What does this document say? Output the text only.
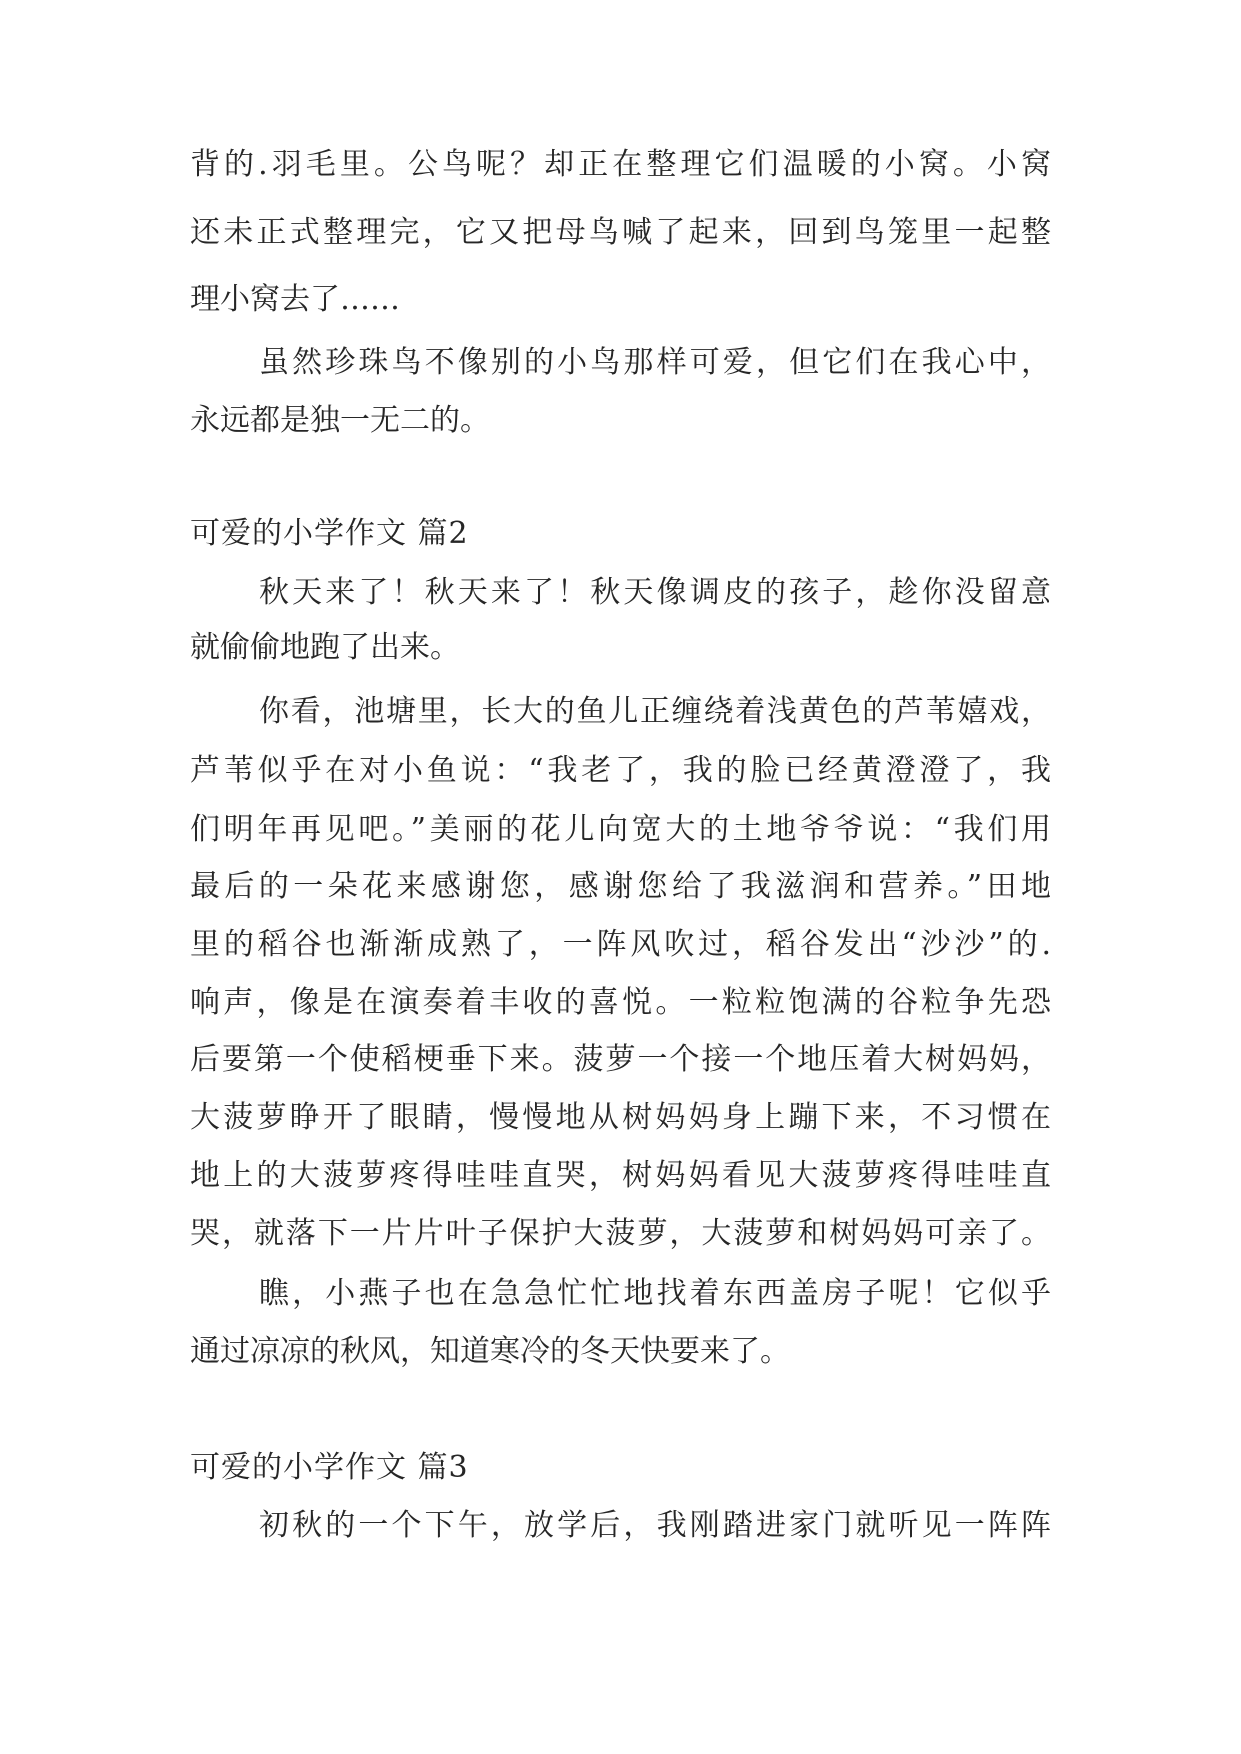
背的.羽毛里。公鸟呢？却正在整理它们温暖的小窝。小窝
还未正式整理完，它又把母鸟喊了起来，回到鸟笼里一起整
理小窝去了……
虽然珍珠鸟不像别的小鸟那样可爱，但它们在我心中，
永远都是独一无二的。
可爱的小学作文 篇2
秋天来了！秋天来了！秋天像调皮的孩子，趁你没留意
就偷偷地跑了出来。
你看，池塘里，长大的鱼儿正缠绕着浅黄色的芦苇嬉戏，
芦苇似乎在对小鱼说：“我老了，我的脸已经黄澄澄了，我
们明年再见吧。”美丽的花儿向宽大的土地爷爷说：“我们用
最后的一朵花来感谢您，感谢您给了我滋润和营养。”田地
里的稻谷也渐渐成熟了，一阵风吹过，稻谷发出“沙沙”的.
响声，像是在演奏着丰收的喜悦。一粒粒饱满的谷粒争先恐
后要第一个使稻梗垂下来。菠萝一个接一个地压着大树妈妈，
大菠萝睁开了眼睛，慢慢地从树妈妈身上蹦下来，不习惯在
地上的大菠萝疼得哇哇直哭，树妈妈看见大菠萝疼得哇哇直
哭，就落下一片片叶子保护大菠萝，大菠萝和树妈妈可亲了。
瞧，小燕子也在急急忙忙地找着东西盖房子呢！它似乎
通过凉凉的秋风，知道寒冷的冬天快要来了。
可爱的小学作文 篇3
初秋的一个下午，放学后，我刚踏进家门就听见一阵阵
